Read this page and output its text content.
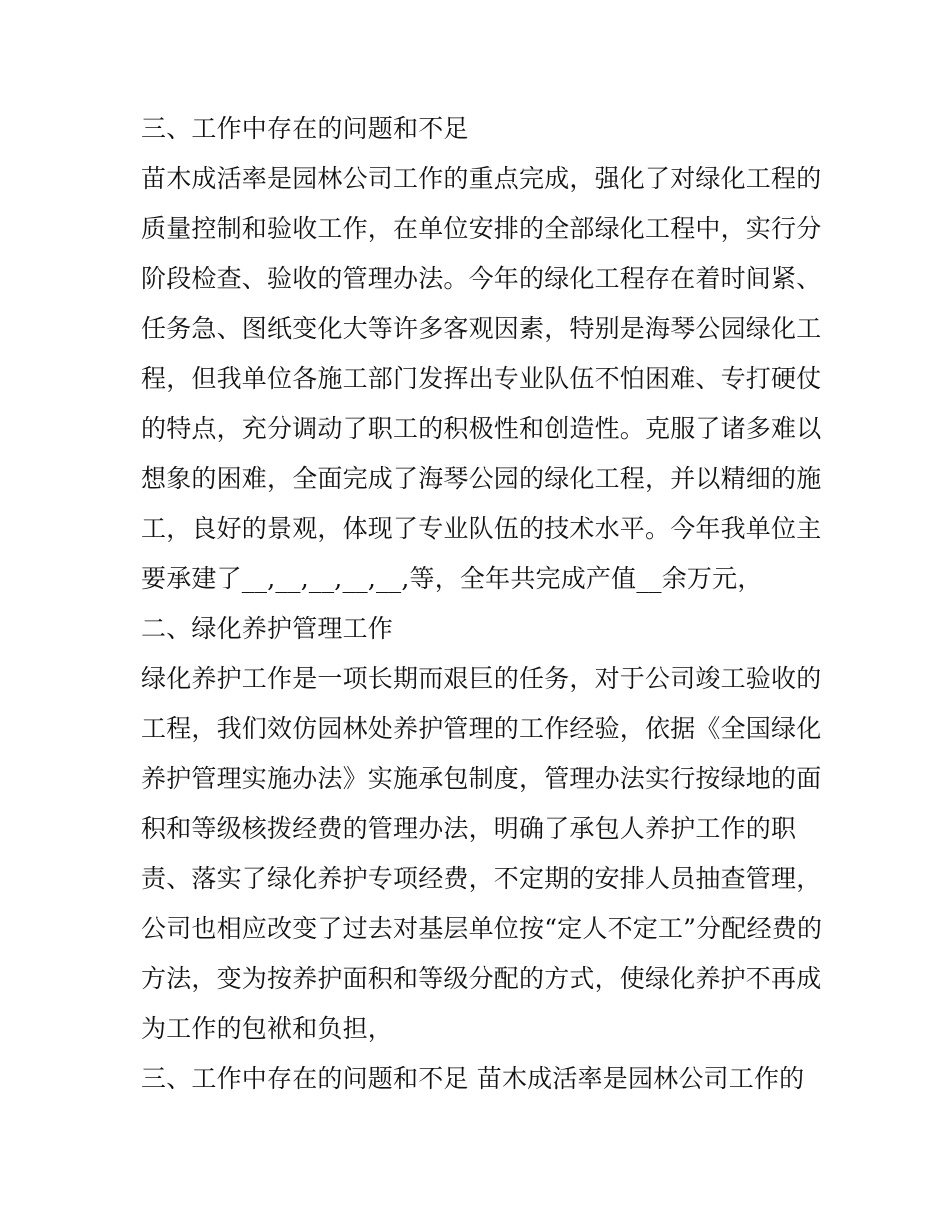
三、工作中存在的问题和不足
苗木成活率是园林公司工作的重点完成，强化了对绿化工程的
质量控制和验收工作，在单位安排的全部绿化工程中，实行分
阶段检查、验收的管理办法。今年的绿化工程存在着时间紧、
任务急、图纸变化大等许多客观因素，特别是海琴公园绿化工
程，但我单位各施工部门发挥出专业队伍不怕困难、专打硬仗
的特点，充分调动了职工的积极性和创造性。克服了诸多难以
想象的困难，全面完成了海琴公园的绿化工程，并以精细的施
工，良好的景观，体现了专业队伍的技术水平。今年我单位主
要承建了__,__,__,__,__,等，全年共完成产值__余万元，
二、绿化养护管理工作
绿化养护工作是一项长期而艰巨的任务，对于公司竣工验收的
工程，我们效仿园林处养护管理的工作经验，依据《全国绿化
养护管理实施办法》实施承包制度，管理办法实行按绿地的面
积和等级核拨经费的管理办法，明确了承包人养护工作的职
责、落实了绿化养护专项经费，不定期的安排人员抽查管理，
公司也相应改变了过去对基层单位按“定人不定工”分配经费的
方法，变为按养护面积和等级分配的方式，使绿化养护不再成
为工作的包袱和负担，
三、工作中存在的问题和不足 苗木成活率是园林公司工作的
